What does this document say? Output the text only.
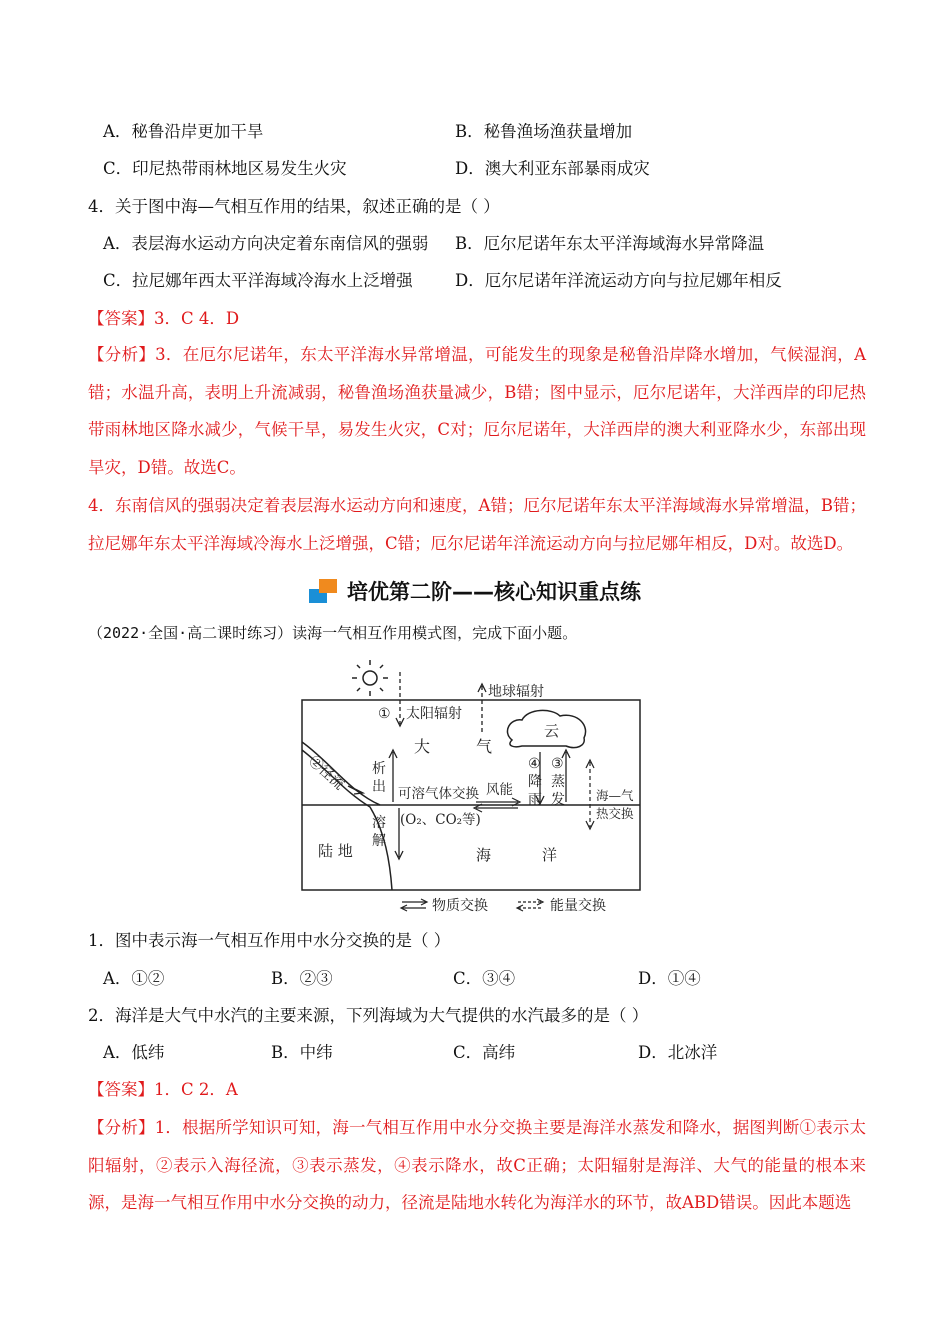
A．秘鲁沿岸更加干旱	B．秘鲁渔场渔获量增加
C．印尼热带雨林地区易发生火灾	D．澳大利亚东部暴雨成灾
4．关于图中海—气相互作用的结果，叙述正确的是（ ）
A．表层海水运动方向决定着东南信风的强弱 B．厄尔尼诺年东太平洋海域海水异常降温
C．拉尼娜年西太平洋海域冷海水上泛增强	D．厄尔尼诺年洋流运动方向与拉尼娜年相反
【答案】3．C 4．D
【分析】3．在厄尔尼诺年，东太平洋海水异常增温，可能发生的现象是秘鲁沿岸降水增加，气候湿润，A错；水温升高，表明上升流减弱，秘鲁渔场渔获量减少，B错；图中显示，厄尔尼诺年，大洋西岸的印尼热带雨林地区降水减少，气候干旱，易发生火灾，C对；厄尔尼诺年，大洋西岸的澳大利亚降水少，东部出现旱灾，D错。故选C。
4．东南信风的强弱决定着表层海水运动方向和速度，A错；厄尔尼诺年东太平洋海域海水异常增温，B错；拉尼娜年东太平洋海域冷海水上泛增强，C错；厄尔尼诺年洋流运动方向与拉尼娜年相反，D对。故选D。
培优第二阶——核心知识重点练
（2022·全国·高二课时练习）读海一气相互作用模式图，完成下面小题。
地球辐射
① 太阳辐射
云
大	气
②径流 析
出
溶
解
可溶气体交换 风能
④
降
雨
③
蒸
发 海—气
热交换
(O₂、CO₂等)
陆 地	海	洋
物质交换	能量交换
1．图中表示海一气相互作用中水分交换的是（ ）
A．①②	B．②③	C．③④	D．①④
2．海洋是大气中水汽的主要来源，下列海域为大气提供的水汽最多的是（ ）
A．低纬	B．中纬	C．高纬	D．北冰洋
【答案】1．C 2．A
【分析】1．根据所学知识可知，海一气相互作用中水分交换主要是海洋水蒸发和降水，据图判断①表示太阳辐射，②表示入海径流，③表示蒸发，④表示降水，故C正确；太阳辐射是海洋、大气的能量的根本来源，是海一气相互作用中水分交换的动力，径流是陆地水转化为海洋水的环节，故ABD错误。因此本题选
